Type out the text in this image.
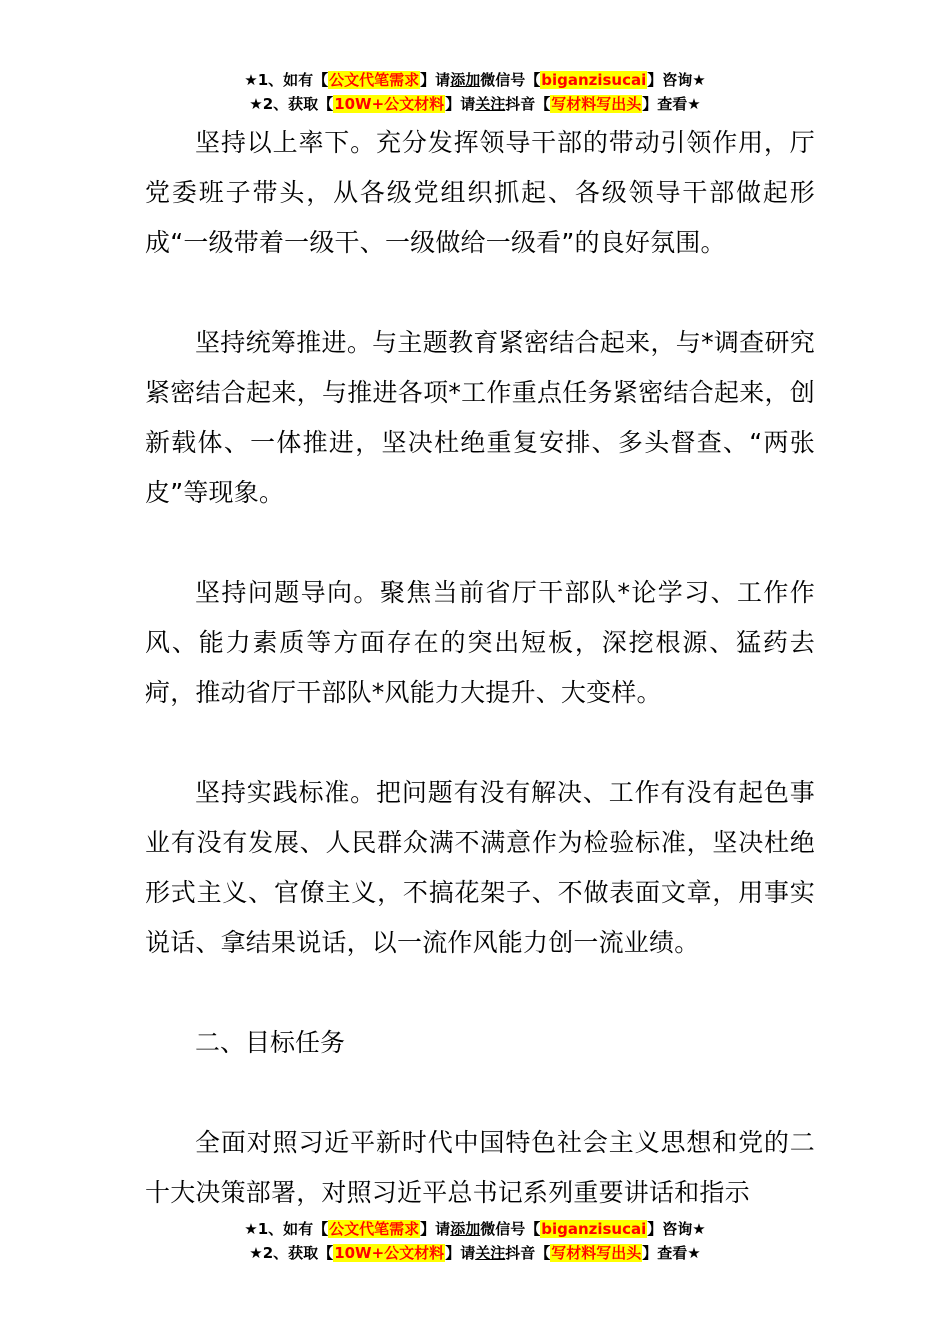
★1、如有【公文代笔需求】请添加微信号【biganzisucai】咨询★
★2、获取【10W+公文材料】请关注抖音【写材料写出头】查看★

坚持以上率下。充分发挥领导干部的带动引领作用，厅党委班子带头，从各级党组织抓起、各级领导干部做起形成“一级带着一级干、一级做给一级看”的良好氛围。

坚持统筹推进。与主题教育紧密结合起来，与*调查研究紧密结合起来，与推进各项*工作重点任务紧密结合起来，创新载体、一体推进，坚决杜绝重复安排、多头督查、“两张皮”等现象。

坚持问题导向。聚焦当前省厅干部队*论学习、工作作风、能力素质等方面存在的突出短板，深挖根源、猛药去疴，推动省厅干部队*风能力大提升、大变样。

坚持实践标准。把问题有没有解决、工作有没有起色事业有没有发展、人民群众满不满意作为检验标准，坚决杜绝形式主义、官僚主义，不搞花架子、不做表面文章，用事实说话、拿结果说话，以一流作风能力创一流业绩。

二、目标任务

全面对照习近平新时代中国特色社会主义思想和党的二十大决策部署，对照习近平总书记系列重要讲话和指示

★1、如有【公文代笔需求】请添加微信号【biganzisucai】咨询★
★2、获取【10W+公文材料】请关注抖音【写材料写出头】查看★
